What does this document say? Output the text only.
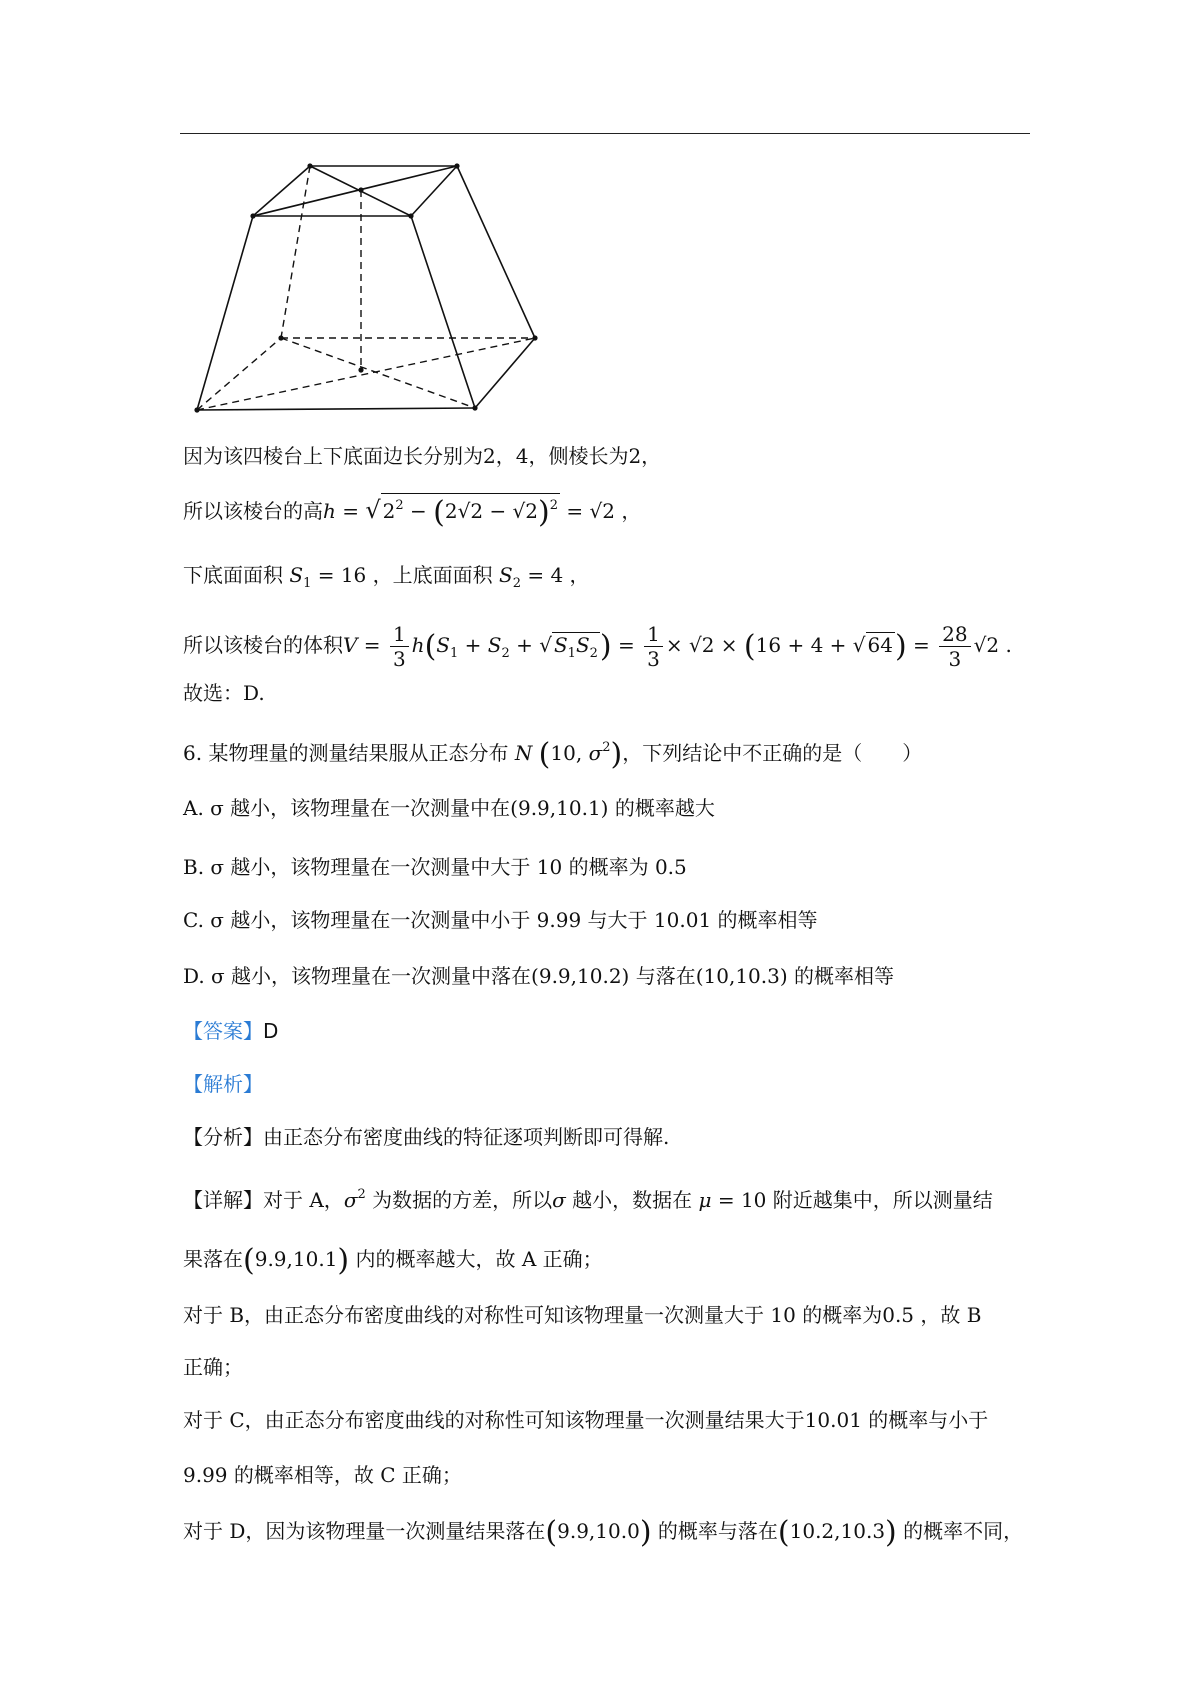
因为该四棱台上下底面边长分别为2，4，侧棱长为2，
所以该棱台的高h = √ $2^2 - (2√2 - √2)^2 = √2$ ，
下底面面积 $S_1 = 16$ ，上底面面积 $S_2 = 4$ ，
所以该棱台的体积$V = \frac{1}{3} h(S_1 + S_2$ + √ $S_1S_2) = \frac{1}{3} \times √2 \times (16 + 4$ + √ $64) = \frac{28}{3} √2$ .
故选：D.
6. 某物理量的测量结果服从正态分布 N (10, $\sigma^2$)，下列结论中不正确的是（　　）
A. σ 越小，该物理量在一次测量中在(9.9,10.1) 的概率越大
B. σ 越小，该物理量在一次测量中大于 10 的概率为 0.5
C. σ 越小，该物理量在一次测量中小于 9.99 与大于 10.01 的概率相等
D. σ 越小，该物理量在一次测量中落在(9.9,10.2) 与落在(10,10.3) 的概率相等
【答案】D
【解析】
【分析】由正态分布密度曲线的特征逐项判断即可得解.
【详解】对于 A，$\sigma^2$ 为数据的方差，所以σ 越小，数据在 μ = 10 附近越集中，所以测量结
果落在(9.9,10.1) 内的概率越大，故 A 正确；
对于 B，由正态分布密度曲线的对称性可知该物理量一次测量大于 10 的概率为0.5 ，故 B
正确；
对于 C，由正态分布密度曲线的对称性可知该物理量一次测量结果大于10.01 的概率与小于
9.99 的概率相等，故 C 正确；
对于 D，因为该物理量一次测量结果落在(9.9,10.0) 的概率与落在(10.2,10.3) 的概率不同，
